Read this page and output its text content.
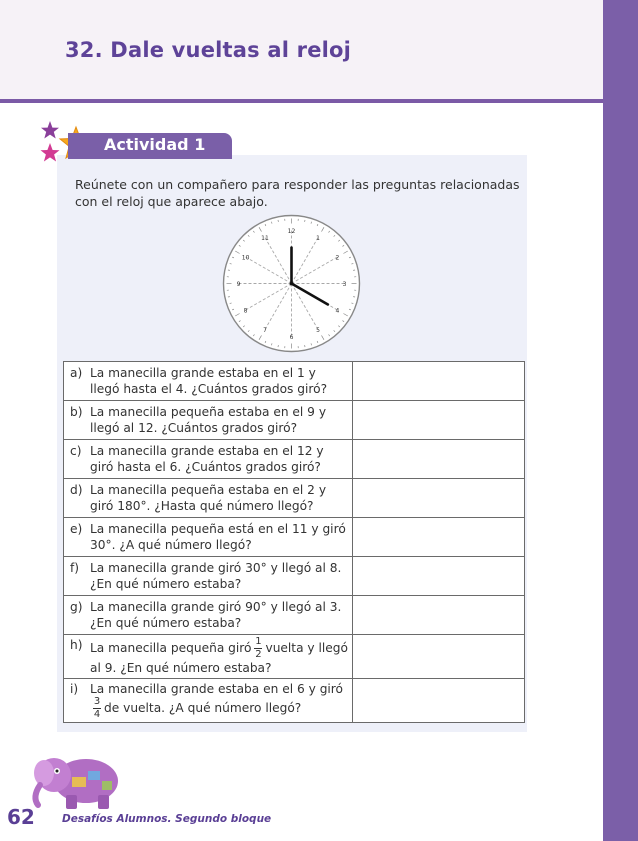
32. Dale vueltas al reloj
Actividad 1
Reúnete con un compañero para responder las preguntas relacionadas con el reloj que aparece abajo.
12
1
2
3
4
5
6
7
8
9
10
11
a) La manecilla grande estaba en el 1 y llegó hasta el 4. ¿Cuántos grados giró?	

b) La manecilla pequeña estaba en el 9 y llegó al 12. ¿Cuántos grados giró?	

c) La manecilla grande estaba en el 12 y giró hasta el 6. ¿Cuántos grados giró?	

d) La manecilla pequeña estaba en el 2 y giró 180°. ¿Hasta qué número llegó?	

e) La manecilla pequeña está en el 11 y giró 30°. ¿A qué número llegó?	

f) La manecilla grande giró 30° y llegó al 8. ¿En qué número estaba?	

g) La manecilla grande giró 90° y llegó al 3. ¿En qué número estaba?	

h) La manecilla pequeña giró $\frac{1}{2}$ vuelta y llegó al 9. ¿En qué número estaba?	

i) La manecilla grande estaba en el 6 y giró
$\frac{3}{4}$ de vuelta. ¿A qué número llegó?	

62	Desafíos Alumnos. Segundo bloque
